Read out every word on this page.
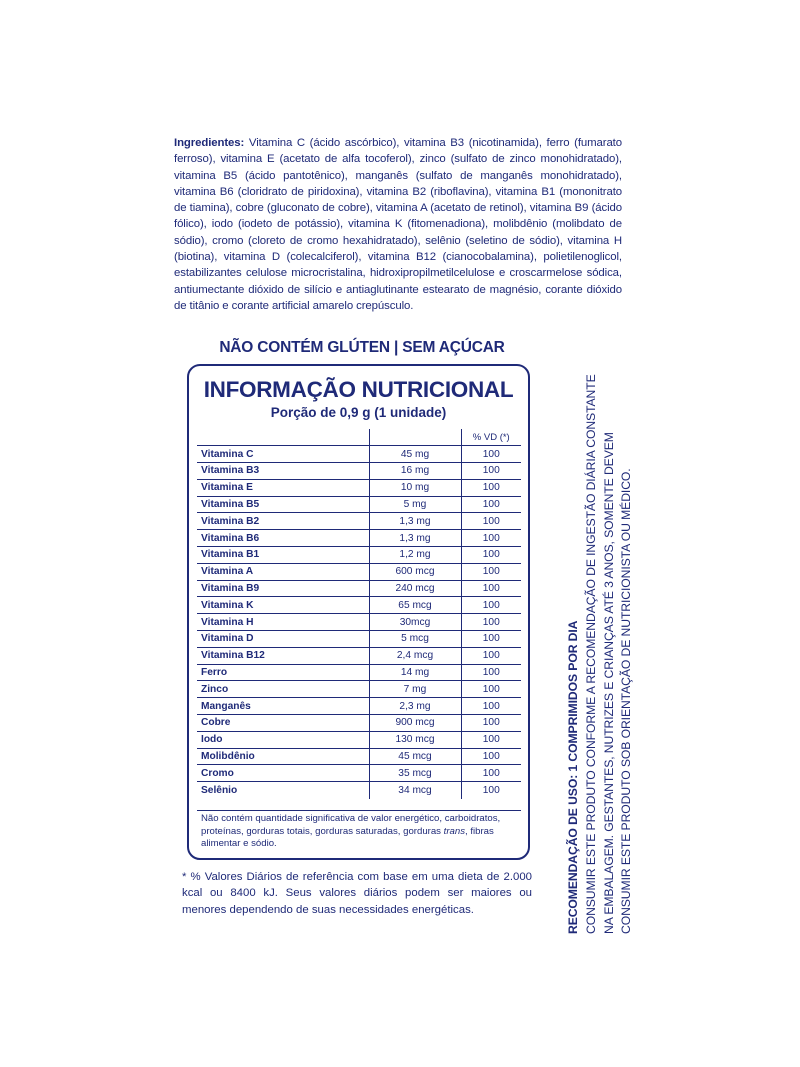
Ingredientes: Vitamina C (ácido ascórbico), vitamina B3 (nicotinamida), ferro (fumarato ferroso), vitamina E (acetato de alfa tocoferol), zinco (sulfato de zinco monohidratado), vitamina B5 (ácido pantotênico), manganês (sulfato de manganês monohidratado), vitamina B6 (cloridrato de piridoxina), vitamina B2 (riboflavina), vitamina B1 (mononitrato de tiamina), cobre (gluconato de cobre), vitamina A (acetato de retinol), vitamina B9 (ácido fólico), iodo (iodeto de potássio), vitamina K (fitomenadiona), molibdênio (molibdato de sódio), cromo (cloreto de cromo hexahidratado), selênio (seletino de sódio), vitamina H (biotina), vitamina D (colecalciferol), vitamina B12 (cianocobalamina), polietilenoglicol, estabilizantes celulose microcristalina, hidroxipropilmetilcelulose e croscarmelose sódica, antiumectante dióxido de silício e antiaglutinante estearato de magnésio, corante dióxido de titânio e corante artificial amarelo crepúsculo.
NÃO CONTÉM GLÚTEN | SEM AÇÚCAR
INFORMAÇÃO NUTRICIONAL
Porção de 0,9 g (1 unidade)
		% VD (*)
Vitamina C	45 mg	100
Vitamina B3	16 mg	100
Vitamina E	10 mg	100
Vitamina B5	5 mg	100
Vitamina B2	1,3 mg	100
Vitamina B6	1,3 mg	100
Vitamina B1	1,2 mg	100
Vitamina A	600 mcg	100
Vitamina B9	240 mcg	100
Vitamina K	65 mcg	100
Vitamina H	30mcg	100
Vitamina D	5 mcg	100
Vitamina B12	2,4 mcg	100
Ferro	14 mg	100
Zinco	7 mg	100
Manganês	2,3 mg	100
Cobre	900 mcg	100
Iodo	130 mcg	100
Molibdênio	45 mcg	100
Cromo	35 mcg	100
Selênio	34 mcg	100
Não contém quantidade significativa de valor energético, carboidratos, proteínas, gorduras totais, gorduras saturadas, gorduras trans, fibras alimentar e sódio.
* % Valores Diários de referência com base em uma dieta de 2.000 kcal ou 8400 kJ. Seus valores diários podem ser maiores ou menores dependendo de suas necessidades energéticas.	RECOMENDAÇÃO DE USO: 1 COMPRIMIDOS POR DIA CONSUMIR ESTE PRODUTO CONFORME A RECOMENDAÇÃO DE INGESTÃO DIÁRIA CONSTANTE NA EMBALAGEM. GESTANTES, NUTRIZES E CRIANÇAS ATÉ 3 ANOS, SOMENTE DEVEM CONSUMIR ESTE PRODUTO SOB ORIENTAÇÃO DE NUTRICIONISTA OU MÉDICO.
